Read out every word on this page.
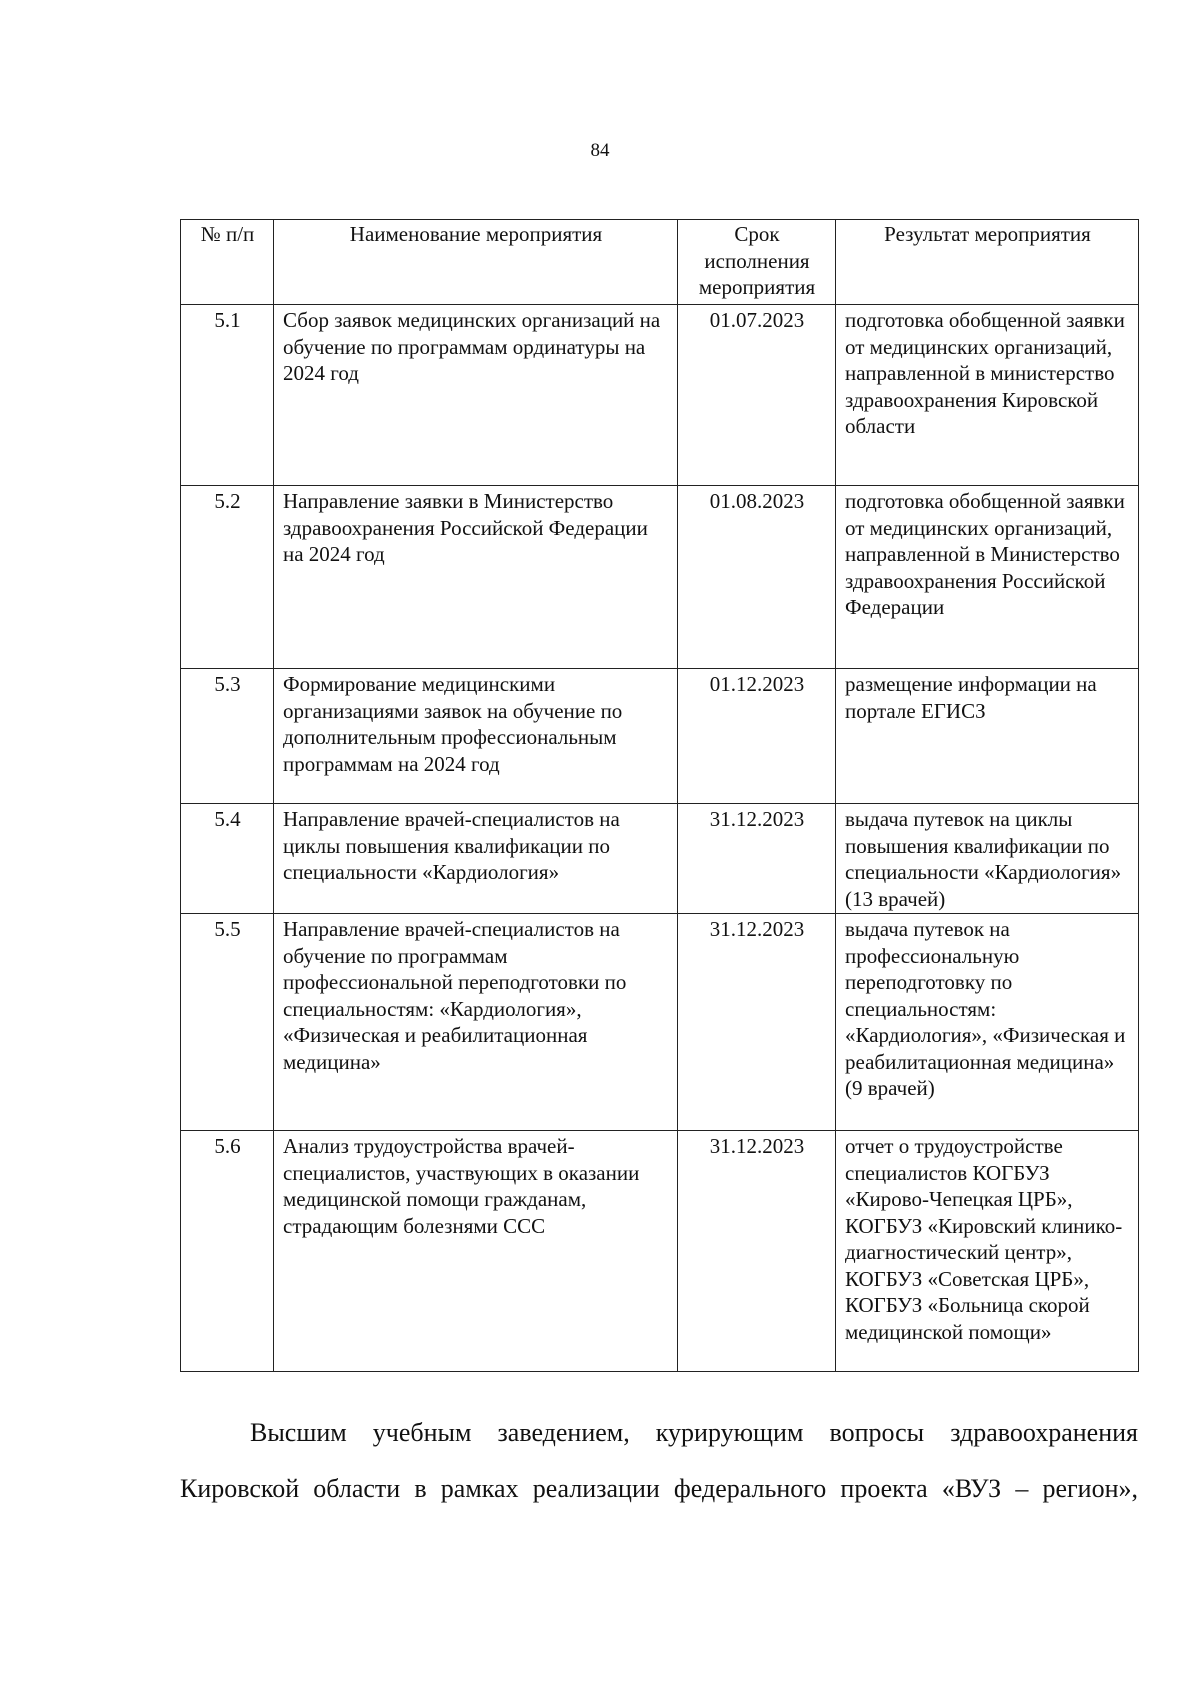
84
№ п/п	Наименование мероприятия	Срок исполнения мероприятия	Результат мероприятия
5.1	Сбор заявок медицинских организаций на обучение по программам ординатуры на 2024 год	01.07.2023	подготовка обобщенной заявки от медицинских организаций, направленной в министерство здравоохранения Кировской области
5.2	Направление заявки в Министерство здравоохранения Российской Федерации на 2024 год	01.08.2023	подготовка обобщенной заявки от медицинских организаций, направленной в Министерство здравоохранения Российской Федерации
5.3	Формирование медицинскими организациями заявок на обучение по дополнительным профессиональным программам на 2024 год	01.12.2023	размещение информации на портале ЕГИСЗ
5.4	Направление врачей-специалистов на циклы повышения квалификации по специальности «Кардиология»	31.12.2023	выдача путевок на циклы повышения квалификации по специальности «Кардиология» (13 врачей)
5.5	Направление врачей-специалистов на обучение по программам профессиональной переподготовки по специальностям: «Кардиология», «Физическая и реабилитационная медицина»	31.12.2023	выдача путевок на профессиональную переподготовку по специальностям: «Кардиология», «Физическая и реабилитационная медицина» (9 врачей)
5.6	Анализ трудоустройства врачей-специалистов, участвующих в оказании медицинской помощи гражданам, страдающим болезнями ССС	31.12.2023	отчет о трудоустройстве специалистов КОГБУЗ «Кирово-Чепецкая ЦРБ», КОГБУЗ «Кировский клинико-диагностический центр», КОГБУЗ «Советская ЦРБ», КОГБУЗ «Больница скорой медицинской помощи»
Высшим учебным заведением, курирующим вопросы здравоохранения Кировской области в рамках реализации федерального проекта «ВУЗ – регион»,
